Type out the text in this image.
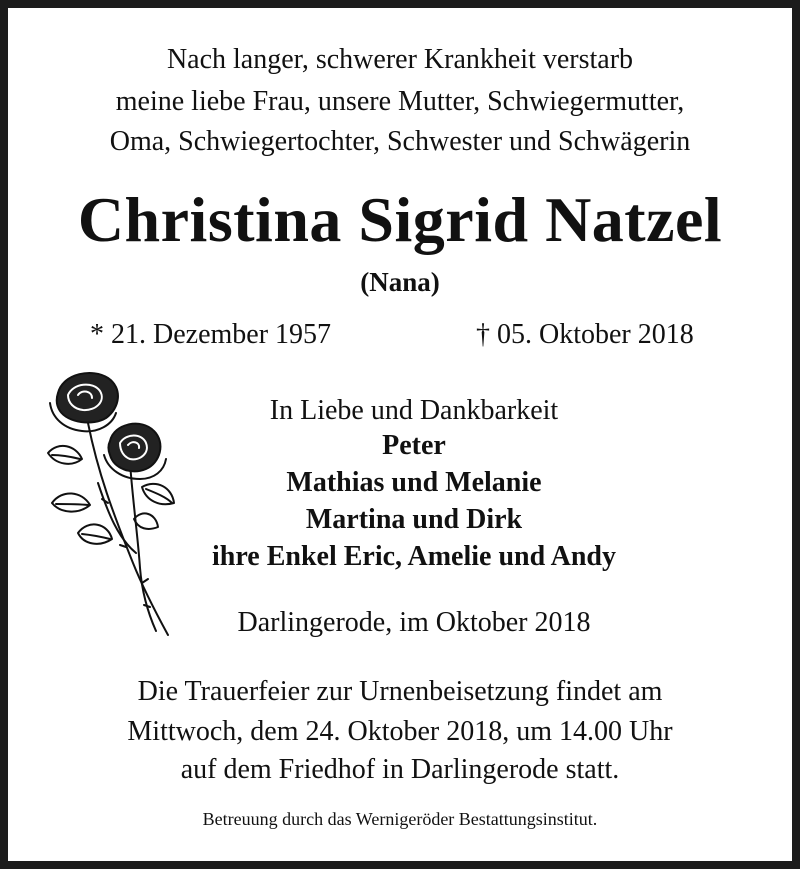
Nach langer, schwerer Krankheit verstarb
meine liebe Frau, unsere Mutter, Schwiegermutter,
Oma, Schwiegertochter, Schwester und Schwägerin
Christina Sigrid Natzel
(Nana)
* 21. Dezember 1957	† 05. Oktober 2018
In Liebe und Dankbarkeit
Peter
Mathias und Melanie
Martina und Dirk
ihre Enkel Eric, Amelie und Andy
Darlingerode, im Oktober 2018
Die Trauerfeier zur Urnenbeisetzung findet am
Mittwoch, dem 24. Oktober 2018, um 14.00 Uhr
auf dem Friedhof in Darlingerode statt.
Betreuung durch das Wernigeröder Bestattungsinstitut.
